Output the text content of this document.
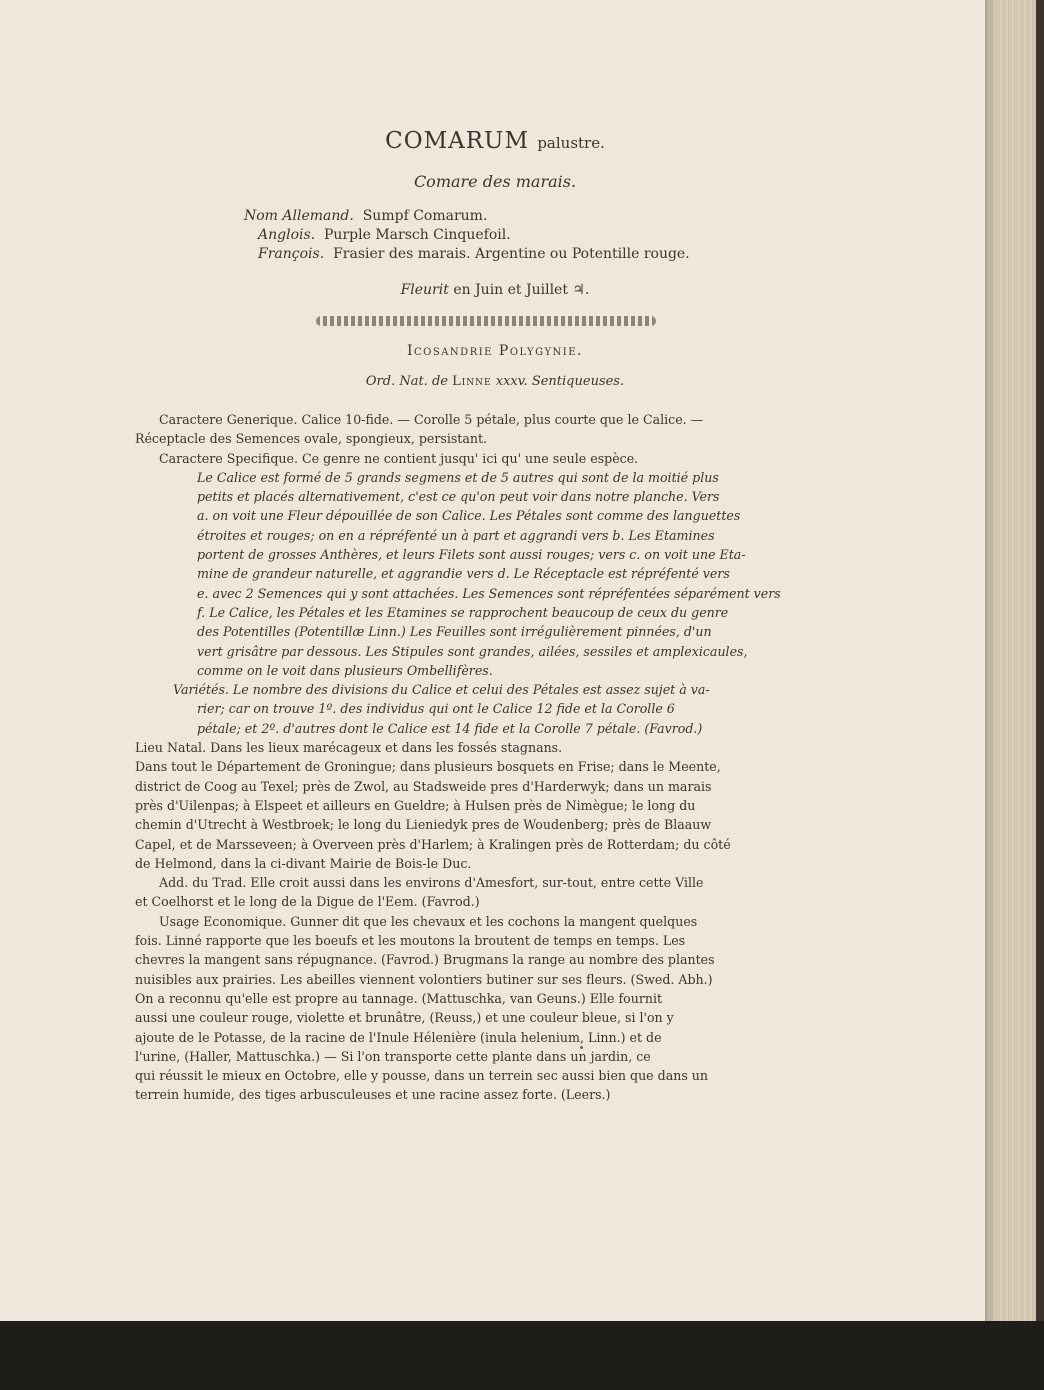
COMARUM palustre.
Comare des marais.
Nom Allemand. Sumpf Comarum.
Anglois. Purple Marsch Cinquefoil.
François. Frasier des marais. Argentine ou Potentille rouge.
Fleurit en Juin et Juillet ♃.
Icosandrie Polygynie.
Ord. Nat. de Linne xxxv. Sentiqueuses.
Caractere Generique. Calice 10-fide. — Corolle 5 pétale, plus courte que le Calice. —
Réceptacle des Semences ovale, spongieux, persistant.
Caractere Specifique. Ce genre ne contient jusqu' ici qu' une seule espèce.
Le Calice est formé de 5 grands segmens et de 5 autres qui sont de la moitié plus
petits et placés alternativement, c'est ce qu'on peut voir dans notre planche. Vers
a. on voit une Fleur dépouillée de son Calice. Les Pétales sont comme des languettes
étroites et rouges; on en a répréfenté un à part et aggrandi vers b. Les Etamines
portent de grosses Anthères, et leurs Filets sont aussi rouges; vers c. on voit une Eta-
mine de grandeur naturelle, et aggrandie vers d. Le Réceptacle est répréfenté vers
e. avec 2 Semences qui y sont attachées. Les Semences sont répréfentées séparément vers
f. Le Calice, les Pétales et les Etamines se rapprochent beaucoup de ceux du genre
des Potentilles (Potentillæ Linn.) Les Feuilles sont irrégulièrement pinnées, d'un
vert grisâtre par dessous. Les Stipules sont grandes, ailées, sessiles et amplexicaules,
comme on le voit dans plusieurs Ombellifères.
Variétés. Le nombre des divisions du Calice et celui des Pétales est assez sujet à va-
rier; car on trouve 1º. des individus qui ont le Calice 12 fide et la Corolle 6
pétale; et 2º. d'autres dont le Calice est 14 fide et la Corolle 7 pétale. (Favrod.)
Lieu Natal. Dans les lieux marécageux et dans les fossés stagnans.
Dans tout le Département de Groningue; dans plusieurs bosquets en Frise; dans le Meente,
district de Coog au Texel; près de Zwol, au Stadsweide pres d'Harderwyk; dans un marais
près d'Uilenpas; à Elspeet et ailleurs en Gueldre; à Hulsen près de Nimègue; le long du
chemin d'Utrecht à Westbroek; le long du Lieniedyk pres de Woudenberg; près de Blaauw
Capel, et de Marsseveen; à Overveen près d'Harlem; à Kralingen près de Rotterdam; du côté
de Helmond, dans la ci-divant Mairie de Bois-le Duc.
Add. du Trad. Elle croit aussi dans les environs d'Amesfort, sur-tout, entre cette Ville
et Coelhorst et le long de la Digue de l'Eem. (Favrod.)
Usage Economique. Gunner dit que les chevaux et les cochons la mangent quelques
fois. Linné rapporte que les boeufs et les moutons la broutent de temps en temps. Les
chevres la mangent sans répugnance. (Favrod.) Brugmans la range au nombre des plantes
nuisibles aux prairies. Les abeilles viennent volontiers butiner sur ses fleurs. (Swed. Abh.)
On a reconnu qu'elle est propre au tannage. (Mattuschka, van Geuns.) Elle fournit
aussi une couleur rouge, violette et brunâtre, (Reuss,) et une couleur bleue, si l'on y
ajoute de le Potasse, de la racine de l'Inule Hélenière (inula helenium, Linn.) et de
l'urine, (Haller, Mattuschka.) — Si l'on transporte cette plante dans un jardin, ce
qui réussit le mieux en Octobre, elle y pousse, dans un terrein sec aussi bien que dans un
terrein humide, des tiges arbusculeuses et une racine assez forte. (Leers.)
